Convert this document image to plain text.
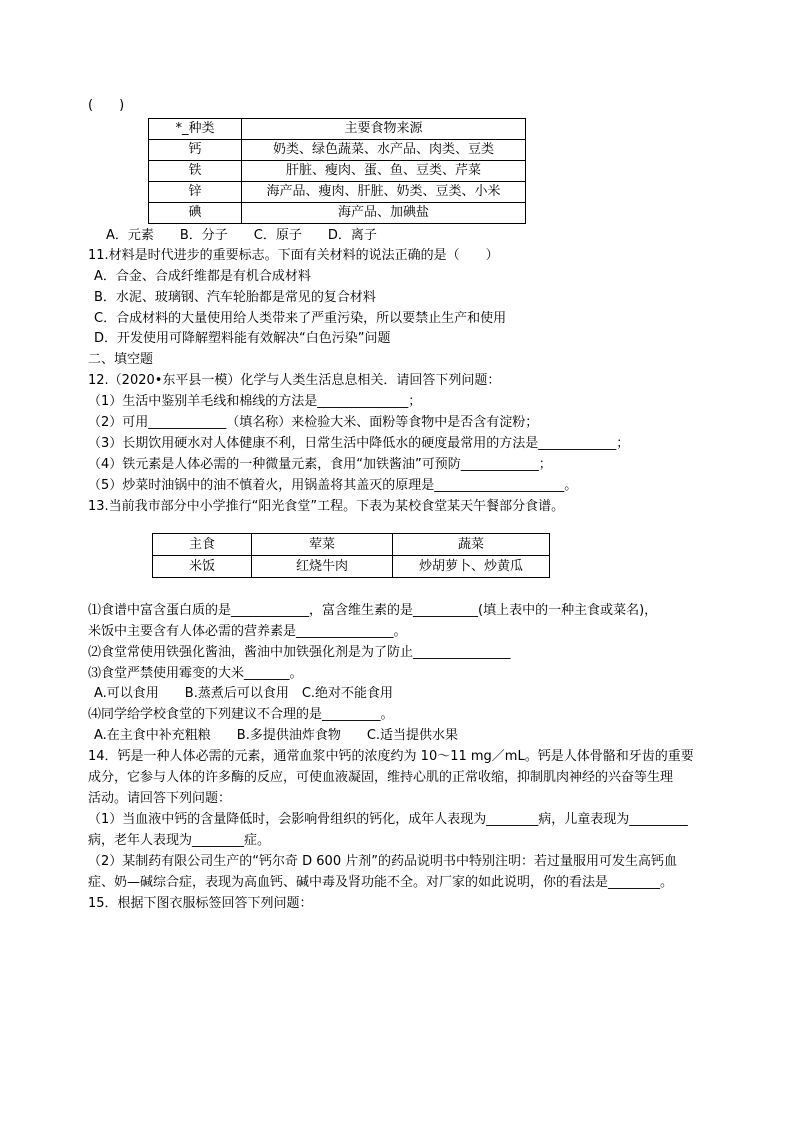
(　　)
*_种类	主要食物来源
钙	奶类、绿色蔬菜、水产品、肉类、豆类
铁	肝脏、瘦肉、蛋、鱼、豆类、芹菜
锌	海产品、瘦肉、肝脏、奶类、豆类、小米
碘	海产品、加碘盐
A．元素　　B．分子　　C．原子　　D．离子
11.材料是时代进步的重要标志。下面有关材料的说法正确的是（　　）
A．合金、合成纤维都是有机合成材料
B．水泥、玻璃钢、汽车轮胎都是常见的复合材料
C．合成材料的大量使用给人类带来了严重污染，所以要禁止生产和使用
D．开发使用可降解塑料能有效解决“白色污染”问题
二、填空题
12.（2020•东平县一模）化学与人类生活息息相关．请回答下列问题：
（1）生活中鉴别羊毛线和棉线的方法是______________；
（2）可用____________（填名称）来检验大米、面粉等食物中是否含有淀粉；
（3）长期饮用硬水对人体健康不利，日常生活中降低水的硬度最常用的方法是____________；
（4）铁元素是人体必需的一种微量元素，食用“加铁酱油”可预防____________；
（5）炒菜时油锅中的油不慎着火，用锅盖将其盖灭的原理是____________________。
13.当前我市部分中小学推行“阳光食堂”工程。下表为某校食堂某天午餐部分食谱。
主食	荤菜	蔬菜
米饭	红烧牛肉	炒胡萝卜、炒黄瓜
⑴食谱中富含蛋白质的是____________，富含维生素的是__________(填上表中的一种主食或菜名)，
米饭中主要含有人体必需的营养素是_______________。
⑵食堂常使用铁强化酱油，酱油中加铁强化剂是为了防止_______________
⑶食堂严禁使用霉变的大米_______。
A.可以食用　　B.蒸煮后可以食用　C.绝对不能食用
⑷同学给学校食堂的下列建议不合理的是_________。
A.在主食中补充粗粮　　B.多提供油炸食物　　C.适当提供水果
14．钙是一种人体必需的元素，通常血浆中钙的浓度约为 10～11 mg／mL。钙是人体骨骼和牙齿的重要
成分，它参与人体的许多酶的反应，可使血液凝固，维持心肌的正常收缩，抑制肌肉神经的兴奋等生理
活动。请回答下列问题：
（1）当血液中钙的含量降低时，会影响骨组织的钙化，成年人表现为________病，儿童表现为_________
病，老年人表现为________症。
（2）某制药有限公司生产的“钙尔奇 D 600 片剂”的药品说明书中特别注明：若过量服用可发生高钙血
症、奶—碱综合症，表现为高血钙、碱中毒及肾功能不全。对厂家的如此说明，你的看法是________。
15．根据下图衣服标签回答下列问题：
